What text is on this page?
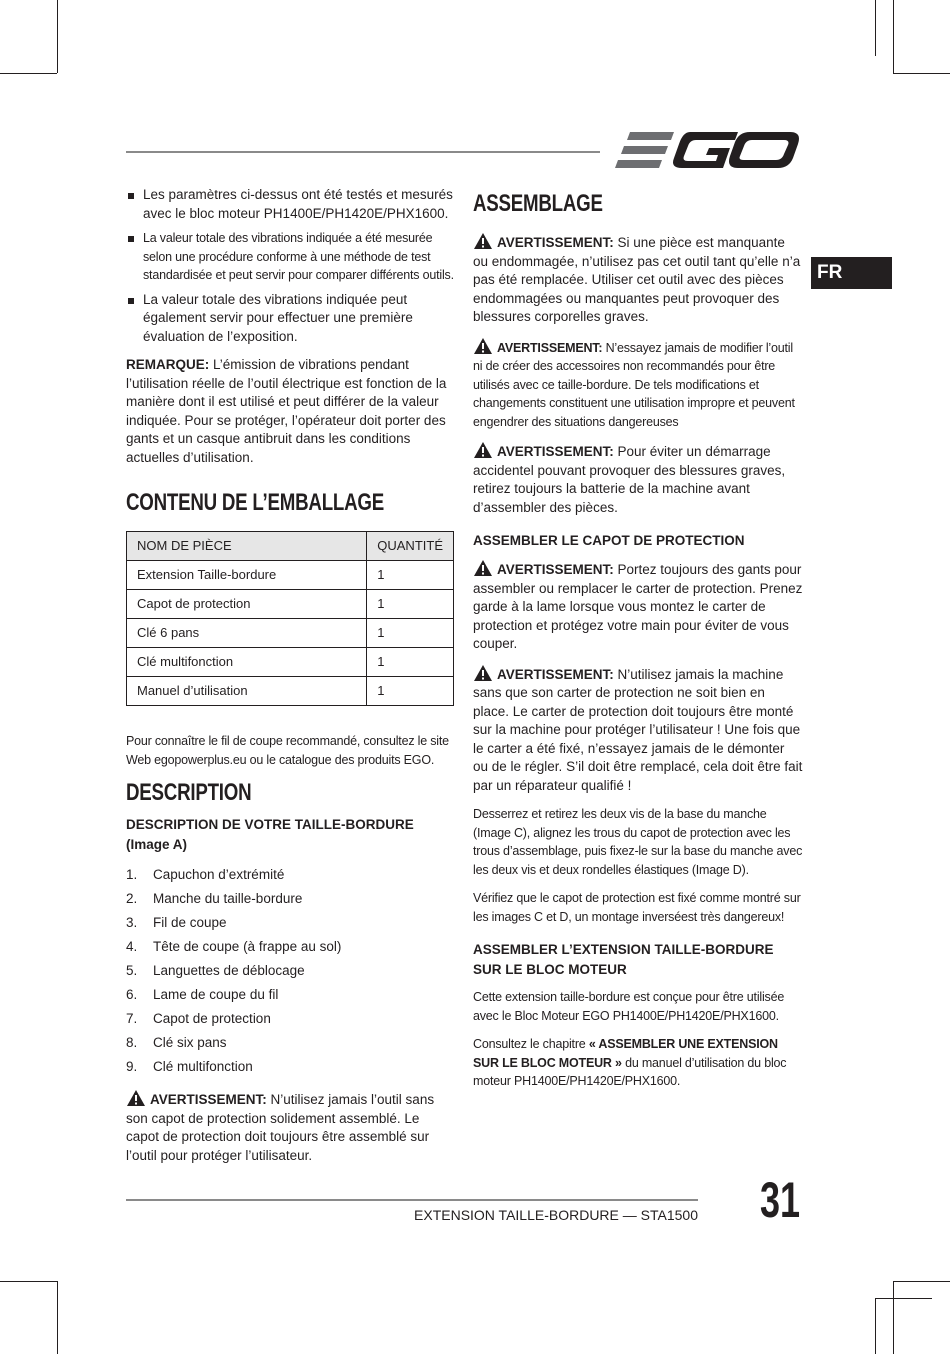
FR
Les paramètres ci-dessus ont été testés et mesurés avec le bloc moteur PH1400E/PH1420E/PHX1600.
La valeur totale des vibrations indiquée a été mesurée selon une procédure conforme à une méthode de test standardisée et peut servir pour comparer différents outils.
La valeur totale des vibrations indiquée peut également servir pour effectuer une première évaluation de l’exposition.

REMARQUE: L’émission de vibrations pendant l’utilisation réelle de l’outil électrique est fonction de la manière dont il est utilisé et peut différer de la valeur indiquée. Pour se protéger, l’opérateur doit porter des gants et un casque antibruit dans les conditions actuelles d’utilisation.

CONTENU DE L’EMBALLAGE
NOM DE PIÈCE	QUANTITÉ
Extension Taille-bordure	1
Capot de protection	1
Clé 6 pans	1
Clé multifonction	1
Manuel d’utilisation	1

Pour connaître le fil de coupe recommandé, consultez le site Web egopowerplus.eu ou le catalogue des produits EGO.

DESCRIPTION
DESCRIPTION DE VOTRE TAILLE-BORDURE (Image A)
1.	Capuchon d’extrémité
2.	Manche du taille-bordure
3.	Fil de coupe
4.	Tête de coupe (à frappe au sol)
5.	Languettes de déblocage
6.	Lame de coupe du fil
7.	Capot de protection
8.	Clé six pans
9.	Clé multifonction

AVERTISSEMENT: N’utilisez jamais l’outil sans son capot de protection solidement assemblé. Le capot de protection doit toujours être assemblé sur l’outil pour protéger l’utilisateur.

ASSEMBLAGE

AVERTISSEMENT: Si une pièce est manquante ou endommagée, n’utilisez pas cet outil tant qu’elle n’a pas été remplacée. Utiliser cet outil avec des pièces endommagées ou manquantes peut provoquer des blessures corporelles graves.

AVERTISSEMENT: N’essayez jamais de modifier l’outil ni de créer des accessoires non recommandés pour être utilisés avec ce taille-bordure. De tels modifications et changements constituent une utilisation impropre et peuvent engendrer des situations dangereuses

AVERTISSEMENT: Pour éviter un démarrage accidentel pouvant provoquer des blessures graves, retirez toujours la batterie de la machine avant d’assembler des pièces.

ASSEMBLER LE CAPOT DE PROTECTION

AVERTISSEMENT: Portez toujours des gants pour assembler ou remplacer le carter de protection. Prenez garde à la lame lorsque vous montez le carter de protection et protégez votre main pour éviter de vous couper.

AVERTISSEMENT: N’utilisez jamais la machine sans que son carter de protection ne soit bien en place. Le carter de protection doit toujours être monté sur la machine pour protéger l’utilisateur ! Une fois que le carter a été fixé, n’essayez jamais de le démonter ou de le régler. S’il doit être remplacé, cela doit être fait par un réparateur qualifié !

Desserrez et retirez les deux vis de la base du manche (Image C), alignez les trous du capot de protection avec les trous d’assemblage, puis fixez-le sur la base du manche avec les deux vis et deux rondelles élastiques (Image D).

Vérifiez que le capot de protection est fixé comme montré sur les images C et D, un montage inverséest très dangereux!

ASSEMBLER L’EXTENSION TAILLE-BORDURE SUR LE BLOC MOTEUR

Cette extension taille-bordure est conçue pour être utilisée avec le Bloc Moteur EGO PH1400E/PH1420E/PHX1600.

Consultez le chapitre « ASSEMBLER UNE EXTENSION SUR LE BLOC MOTEUR » du manuel d’utilisation du bloc moteur PH1400E/PH1420E/PHX1600.

EXTENSION TAILLE-BORDURE — STA1500 31
